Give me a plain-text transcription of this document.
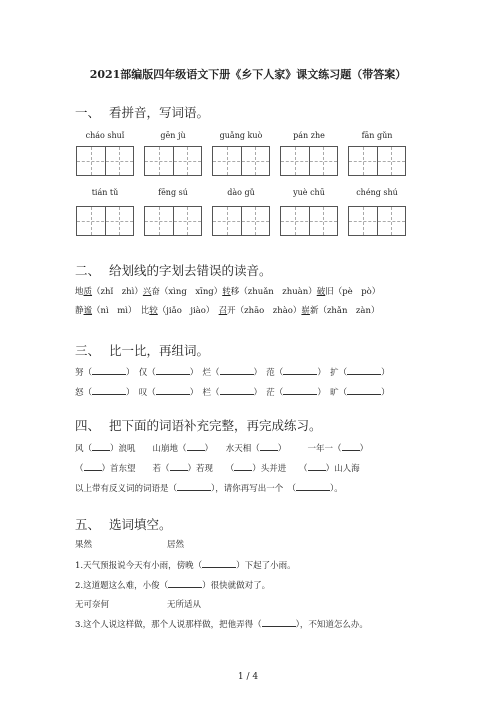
2021部编版四年级语文下册《乡下人家》课文练习题（带答案）
一、 看拼音，写词语。
cháo shuǐ	gēn jù	guǎng kuò	pán zhe	fān gǔn
tián tǔ	fēng sú	dào gǔ	yuè chū	chéng shú
二、 给划线的字划去错误的读音。
地质（zhǐ　zhì）兴奋（xìng　xīng）转移（zhuǎn　zhuàn）破旧（pè　pò）
静谧（nì　mì）　比较（jiǎo　jiào）　召开（zhāo　zhào）崭新（zhǎn　zàn）
三、 比一比，再组词。
努（	）　仅（	）　烂（	）　范（	）　扩（	）
怒（	）　叹（	）　栏（	）　茫（	）　旷（	）
四、 把下面的词语补充完整，再完成练习。
风（ ）浪吼　　山崩地（ ）　　水天相（ ）　　　一年一（ ）
（ ）首东望　　若（ ）若现　　（ ）头并进　　（ ）山人海
以上带有反义词的词语是（	），请你再写出一个　（	）。
五、 选词填空。
果然	居然
1.天气预报说今天有小雨，傍晚（	）下起了小雨。
2.这道题这么难，小俊（	）很快就做对了。
无可奈何	无所适从
3.这个人说这样做，那个人说那样做，把他弄得（	），不知道怎么办。
1 / 4
